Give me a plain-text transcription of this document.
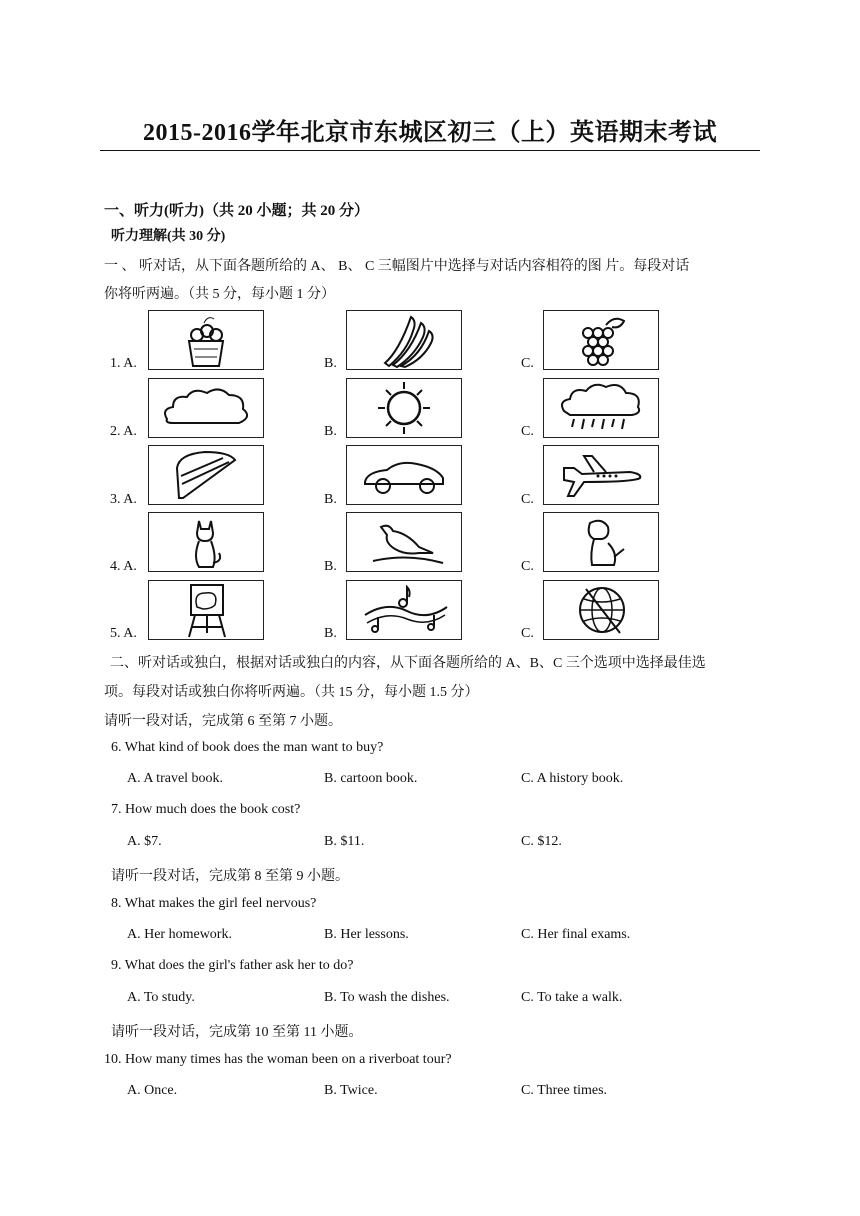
2015-2016学年北京市东城区初三（上）英语期末考试
一、听力(听力)（共 20 小题；共 20 分）
听力理解(共 30 分)
一 、 听对话，从下面各题所给的 A、 B、 C 三幅图片中选择与对话内容相符的图 片。每段对话
你将听两遍。（共 5 分，每小题 1 分）
1. A.	B.	C.
2. A.	B.	C.
3. A.	B.	C.
4. A.	B.	C.
5. A.	B.	C.
二、听对话或独白，根据对话或独白的内容，从下面各题所给的 A、B、C 三个选项中选择最佳选
项。每段对话或独白你将听两遍。（共 15 分，每小题 1.5 分）
请听一段对话，完成第 6 至第 7 小题。
6. What kind of book does the man want to buy?
A. A travel book.	B. cartoon book.	C. A history book.
7. How much does the book cost?
A. $7.	B. $11.	C. $12.
请听一段对话，完成第 8 至第 9 小题。
8. What makes the girl feel nervous?
A. Her homework.	B. Her lessons.	C. Her final exams.
9. What does the girl's father ask her to do?
A. To study.	B. To wash the dishes.	C. To take a walk.
请听一段对话，完成第 10 至第 11 小题。
10. How many times has the woman been on a riverboat tour?
A. Once.	B. Twice.	C. Three times.
